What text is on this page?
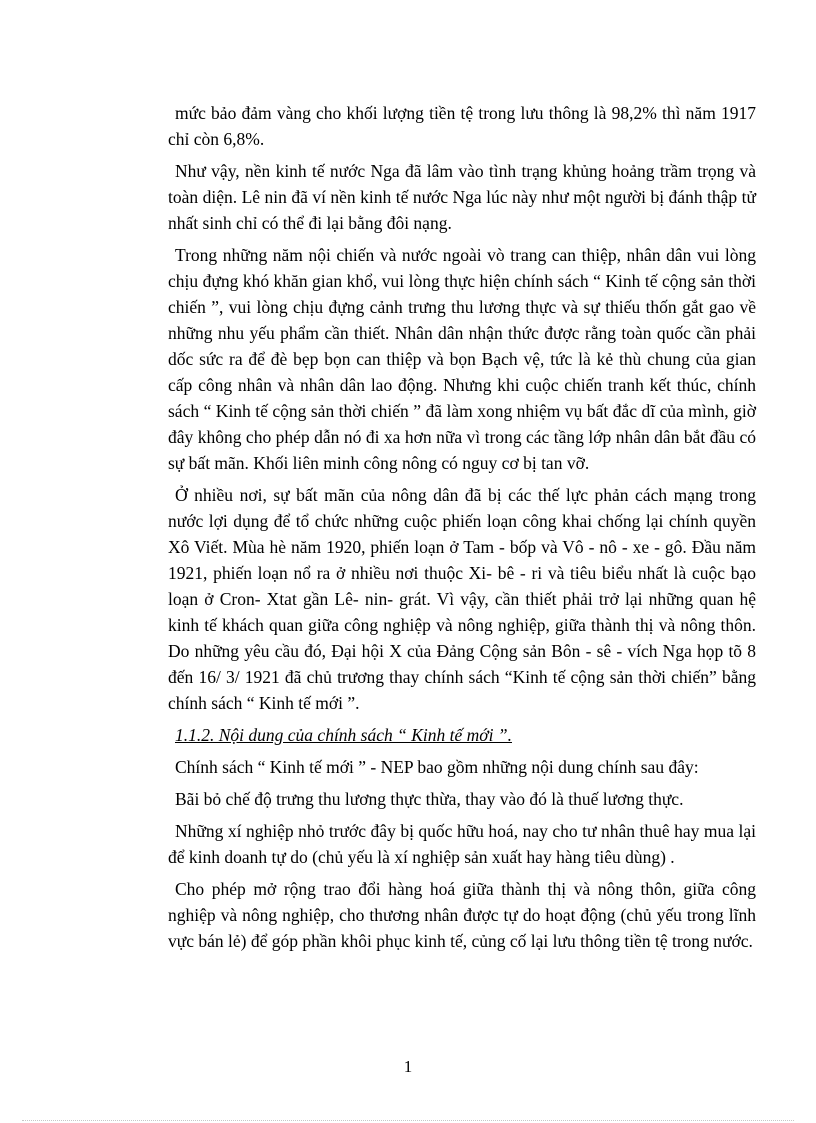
mức bảo đảm vàng cho khối lượng tiền tệ trong lưu thông là 98,2% thì năm 1917 chỉ còn 6,8%.

Như vậy, nền kinh tế nước Nga đã lâm vào tình trạng khủng hoảng trầm trọng và toàn diện. Lê nin đã ví nền kinh tế nước Nga lúc này như một người bị đánh thập tử nhất sinh chỉ có thể đi lại bằng đôi nạng.

Trong những năm nội chiến và nước ngoài vò trang can thiệp, nhân dân vui lòng chịu đựng khó khăn gian khổ, vui lòng thực hiện chính sách “ Kinh tế cộng sản thời chiến ”, vui lòng chịu đựng cảnh trưng thu lương thực và sự thiếu thốn gắt gao về những nhu yếu phẩm cần thiết. Nhân dân nhận thức được rằng toàn quốc cần phải dốc sức ra để đè bẹp bọn can thiệp và bọn Bạch vệ, tức là kẻ thù chung của gian cấp công nhân và nhân dân lao động. Nhưng khi cuộc chiến tranh kết thúc, chính sách “ Kinh tế cộng sản thời chiến ” đã làm xong nhiệm vụ bất đắc dĩ của mình, giờ đây không cho phép dẫn nó đi xa hơn nữa vì trong các tầng lớp nhân dân bắt đầu có sự bất mãn. Khối liên minh công nông có nguy cơ bị tan vỡ.

Ở nhiều nơi, sự bất mãn của nông dân đã bị các thế lực phản cách mạng trong nước lợi dụng để tổ chức những cuộc phiến loạn công khai chống lại chính quyền Xô Viết. Mùa hè năm 1920, phiến loạn ở Tam - bốp và Vô - nô - xe - gô. Đầu năm 1921, phiến loạn nổ ra ở nhiều nơi thuộc Xi- bê - ri và tiêu biểu nhất là cuộc bạo loạn ở Cron- Xtat gần Lê- nin- grát. Vì vậy, cần thiết phải trở lại những quan hệ kinh tế khách quan giữa công nghiệp và nông nghiệp, giữa thành thị và nông thôn. Do những yêu cầu đó, Đại hội X của Đảng Cộng sản Bôn - sê - vích Nga họp tõ 8 đến 16/ 3/ 1921 đã chủ trương thay chính sách “Kinh tế cộng sản thời chiến” bằng chính sách “ Kinh tế mới ”.

1.1.2. Nội dung của chính sách “ Kinh tế mới ”.

Chính sách “ Kinh tế mới ” - NEP bao gồm những nội dung chính sau đây:

Bãi bỏ chế độ trưng thu lương thực thừa, thay vào đó là thuế lương thực.

Những xí nghiệp nhỏ trước đây bị quốc hữu hoá, nay cho tư nhân thuê hay mua lại để kinh doanh tự do (chủ yếu là xí nghiệp sản xuất hay hàng tiêu dùng) .

Cho phép mở rộng trao đổi hàng hoá giữa thành thị và nông thôn, giữa công nghiệp và nông nghiệp, cho thương nhân được tự do hoạt động (chủ yếu trong lĩnh vực bán lẻ) để góp phần khôi phục kinh tế, củng cố lại lưu thông tiền tệ trong nước.

1
